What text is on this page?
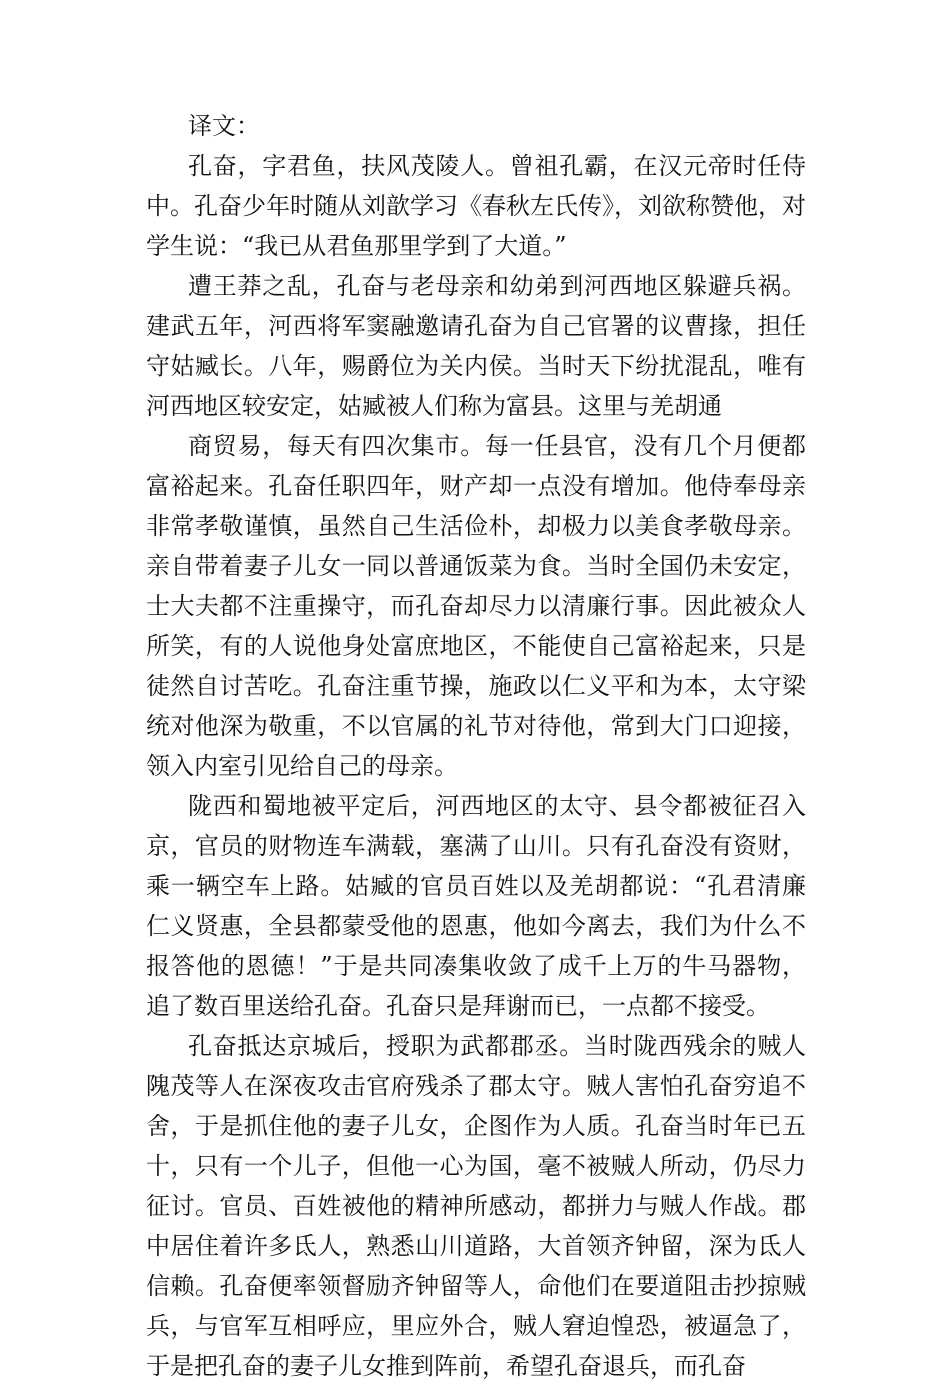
译文：

孔奋，字君鱼，扶风茂陵人。曾祖孔霸，在汉元帝时任侍中。孔奋少年时随从刘歆学习《春秋左氏传》，刘欲称赞他，对学生说：“我已从君鱼那里学到了大道。”

遭王莽之乱，孔奋与老母亲和幼弟到河西地区躲避兵祸。建武五年，河西将军窦融邀请孔奋为自己官署的议曹掾，担任守姑臧长。八年，赐爵位为关内侯。当时天下纷扰混乱，唯有河西地区较安定，姑臧被人们称为富县。这里与羌胡通

商贸易，每天有四次集市。每一任县官，没有几个月便都富裕起来。孔奋任职四年，财产却一点没有增加。他侍奉母亲非常孝敬谨慎，虽然自己生活俭朴，却极力以美食孝敬母亲。亲自带着妻子儿女一同以普通饭菜为食。当时全国仍未安定，士大夫都不注重操守，而孔奋却尽力以清廉行事。因此被众人所笑，有的人说他身处富庶地区，不能使自己富裕起来，只是徒然自讨苦吃。孔奋注重节操，施政以仁义平和为本，太守梁统对他深为敬重，不以官属的礼节对待他，常到大门口迎接，领入内室引见给自己的母亲。

陇西和蜀地被平定后，河西地区的太守、县令都被征召入京，官员的财物连车满载，塞满了山川。只有孔奋没有资财，乘一辆空车上路。姑臧的官员百姓以及羌胡都说：“孔君清廉仁义贤惠，全县都蒙受他的恩惠，他如今离去，我们为什么不报答他的恩德！”于是共同凑集收敛了成千上万的牛马器物，追了数百里送给孔奋。孔奋只是拜谢而已，一点都不接受。

孔奋抵达京城后，授职为武都郡丞。当时陇西残余的贼人隗茂等人在深夜攻击官府残杀了郡太守。贼人害怕孔奋穷追不舍，于是抓住他的妻子儿女，企图作为人质。孔奋当时年已五十，只有一个儿子，但他一心为国，毫不被贼人所动，仍尽力征讨。官员、百姓被他的精神所感动，都拼力与贼人作战。郡中居住着许多氐人，熟悉山川道路，大首领齐钟留，深为氐人信赖。孔奋便率领督励齐钟留等人，命他们在要道阻击抄掠贼兵，与官军互相呼应，里应外合，贼人窘迫惶恐，被逼急了，于是把孔奋的妻子儿女推到阵前，希望孔奋退兵，而孔奋
